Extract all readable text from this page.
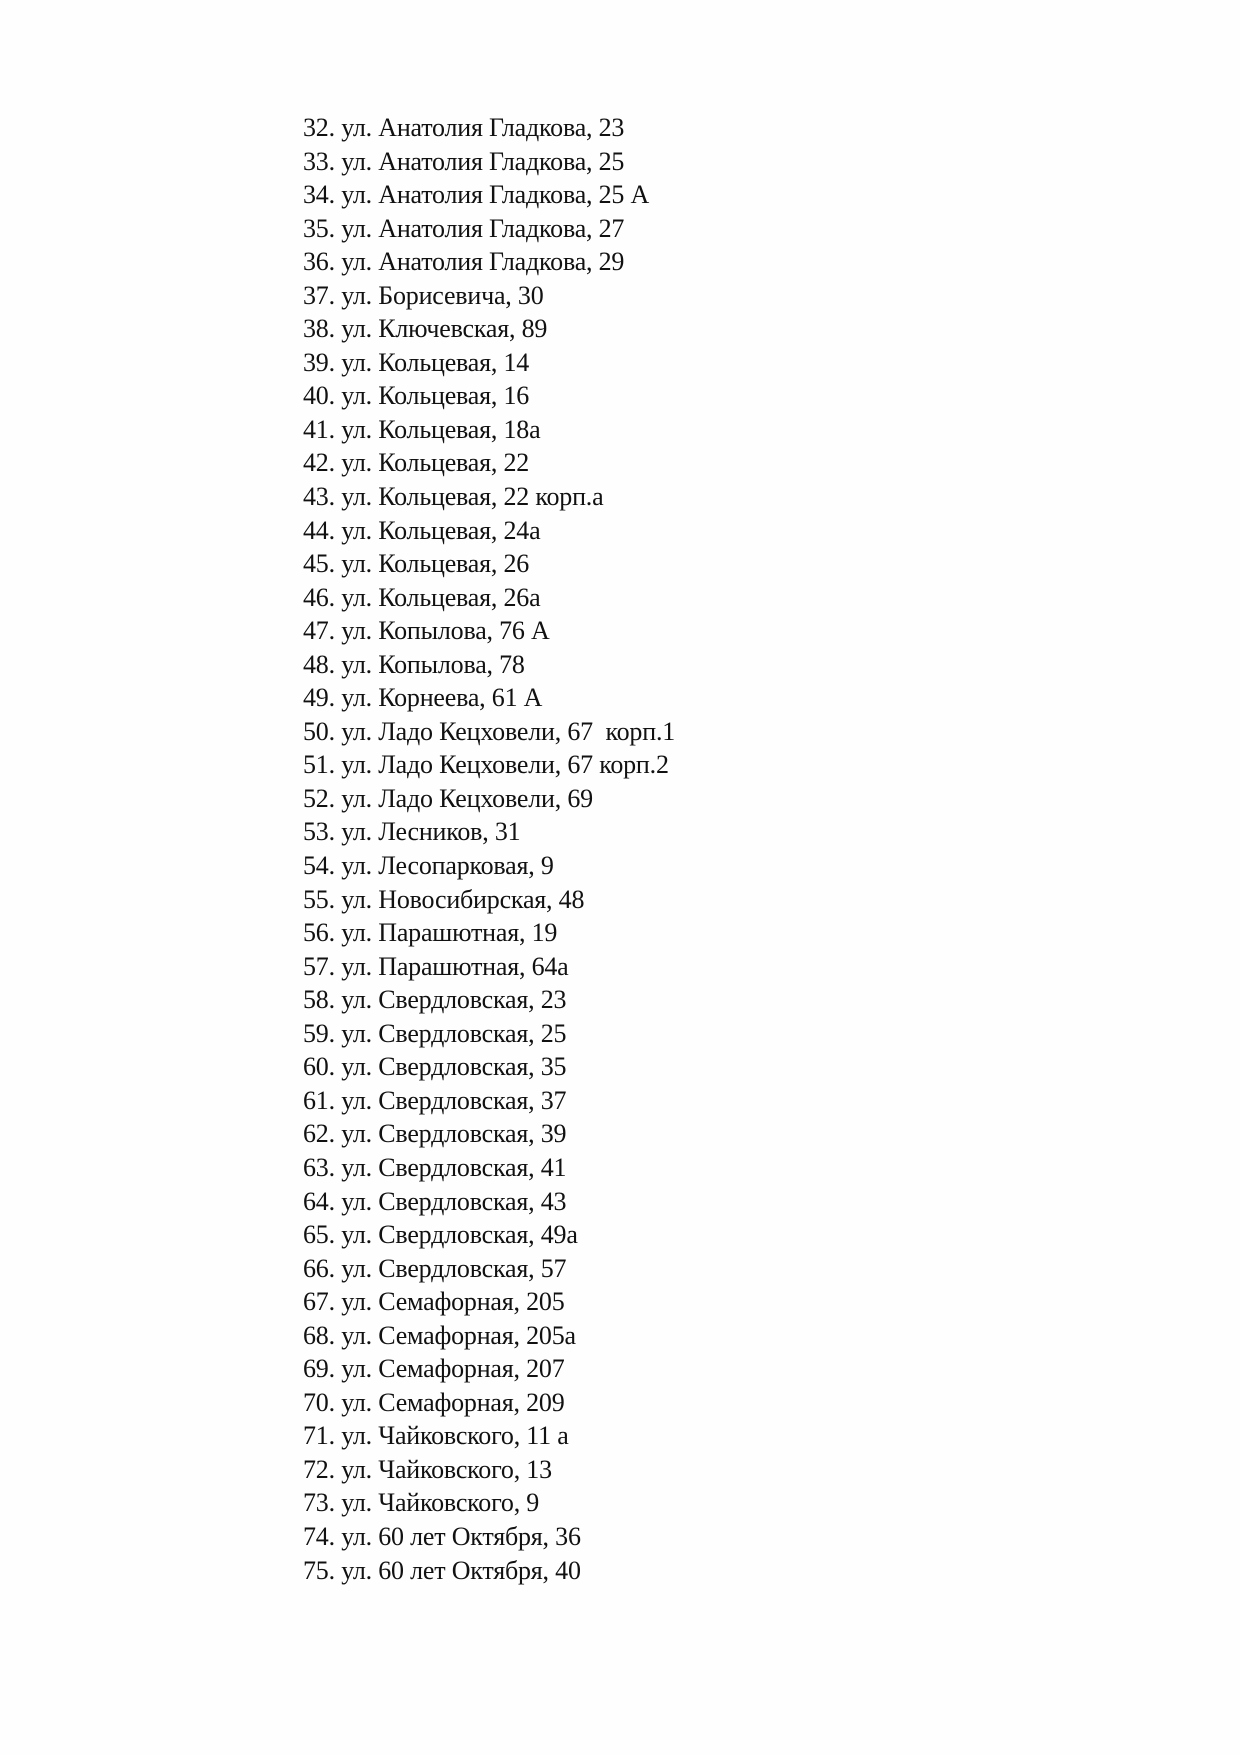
32. ул. Анатолия Гладкова, 23
33. ул. Анатолия Гладкова, 25
34. ул. Анатолия Гладкова, 25 А
35. ул. Анатолия Гладкова, 27
36. ул. Анатолия Гладкова, 29
37. ул. Борисевича, 30
38. ул. Ключевская, 89
39. ул. Кольцевая, 14
40. ул. Кольцевая, 16
41. ул. Кольцевая, 18а
42. ул. Кольцевая, 22
43. ул. Кольцевая, 22 корп.а
44. ул. Кольцевая, 24а
45. ул. Кольцевая, 26
46. ул. Кольцевая, 26а
47. ул. Копылова, 76 А
48. ул. Копылова, 78
49. ул. Корнеева, 61 А
50. ул. Ладо Кецховели, 67  корп.1
51. ул. Ладо Кецховели, 67 корп.2
52. ул. Ладо Кецховели, 69
53. ул. Лесников, 31
54. ул. Лесопарковая, 9
55. ул. Новосибирская, 48
56. ул. Парашютная, 19
57. ул. Парашютная, 64а
58. ул. Свердловская, 23
59. ул. Свердловская, 25
60. ул. Свердловская, 35
61. ул. Свердловская, 37
62. ул. Свердловская, 39
63. ул. Свердловская, 41
64. ул. Свердловская, 43
65. ул. Свердловская, 49а
66. ул. Свердловская, 57
67. ул. Семафорная, 205
68. ул. Семафорная, 205а
69. ул. Семафорная, 207
70. ул. Семафорная, 209
71. ул. Чайковского, 11 а
72. ул. Чайковского, 13
73. ул. Чайковского, 9
74. ул. 60 лет Октября, 36
75. ул. 60 лет Октября, 40
